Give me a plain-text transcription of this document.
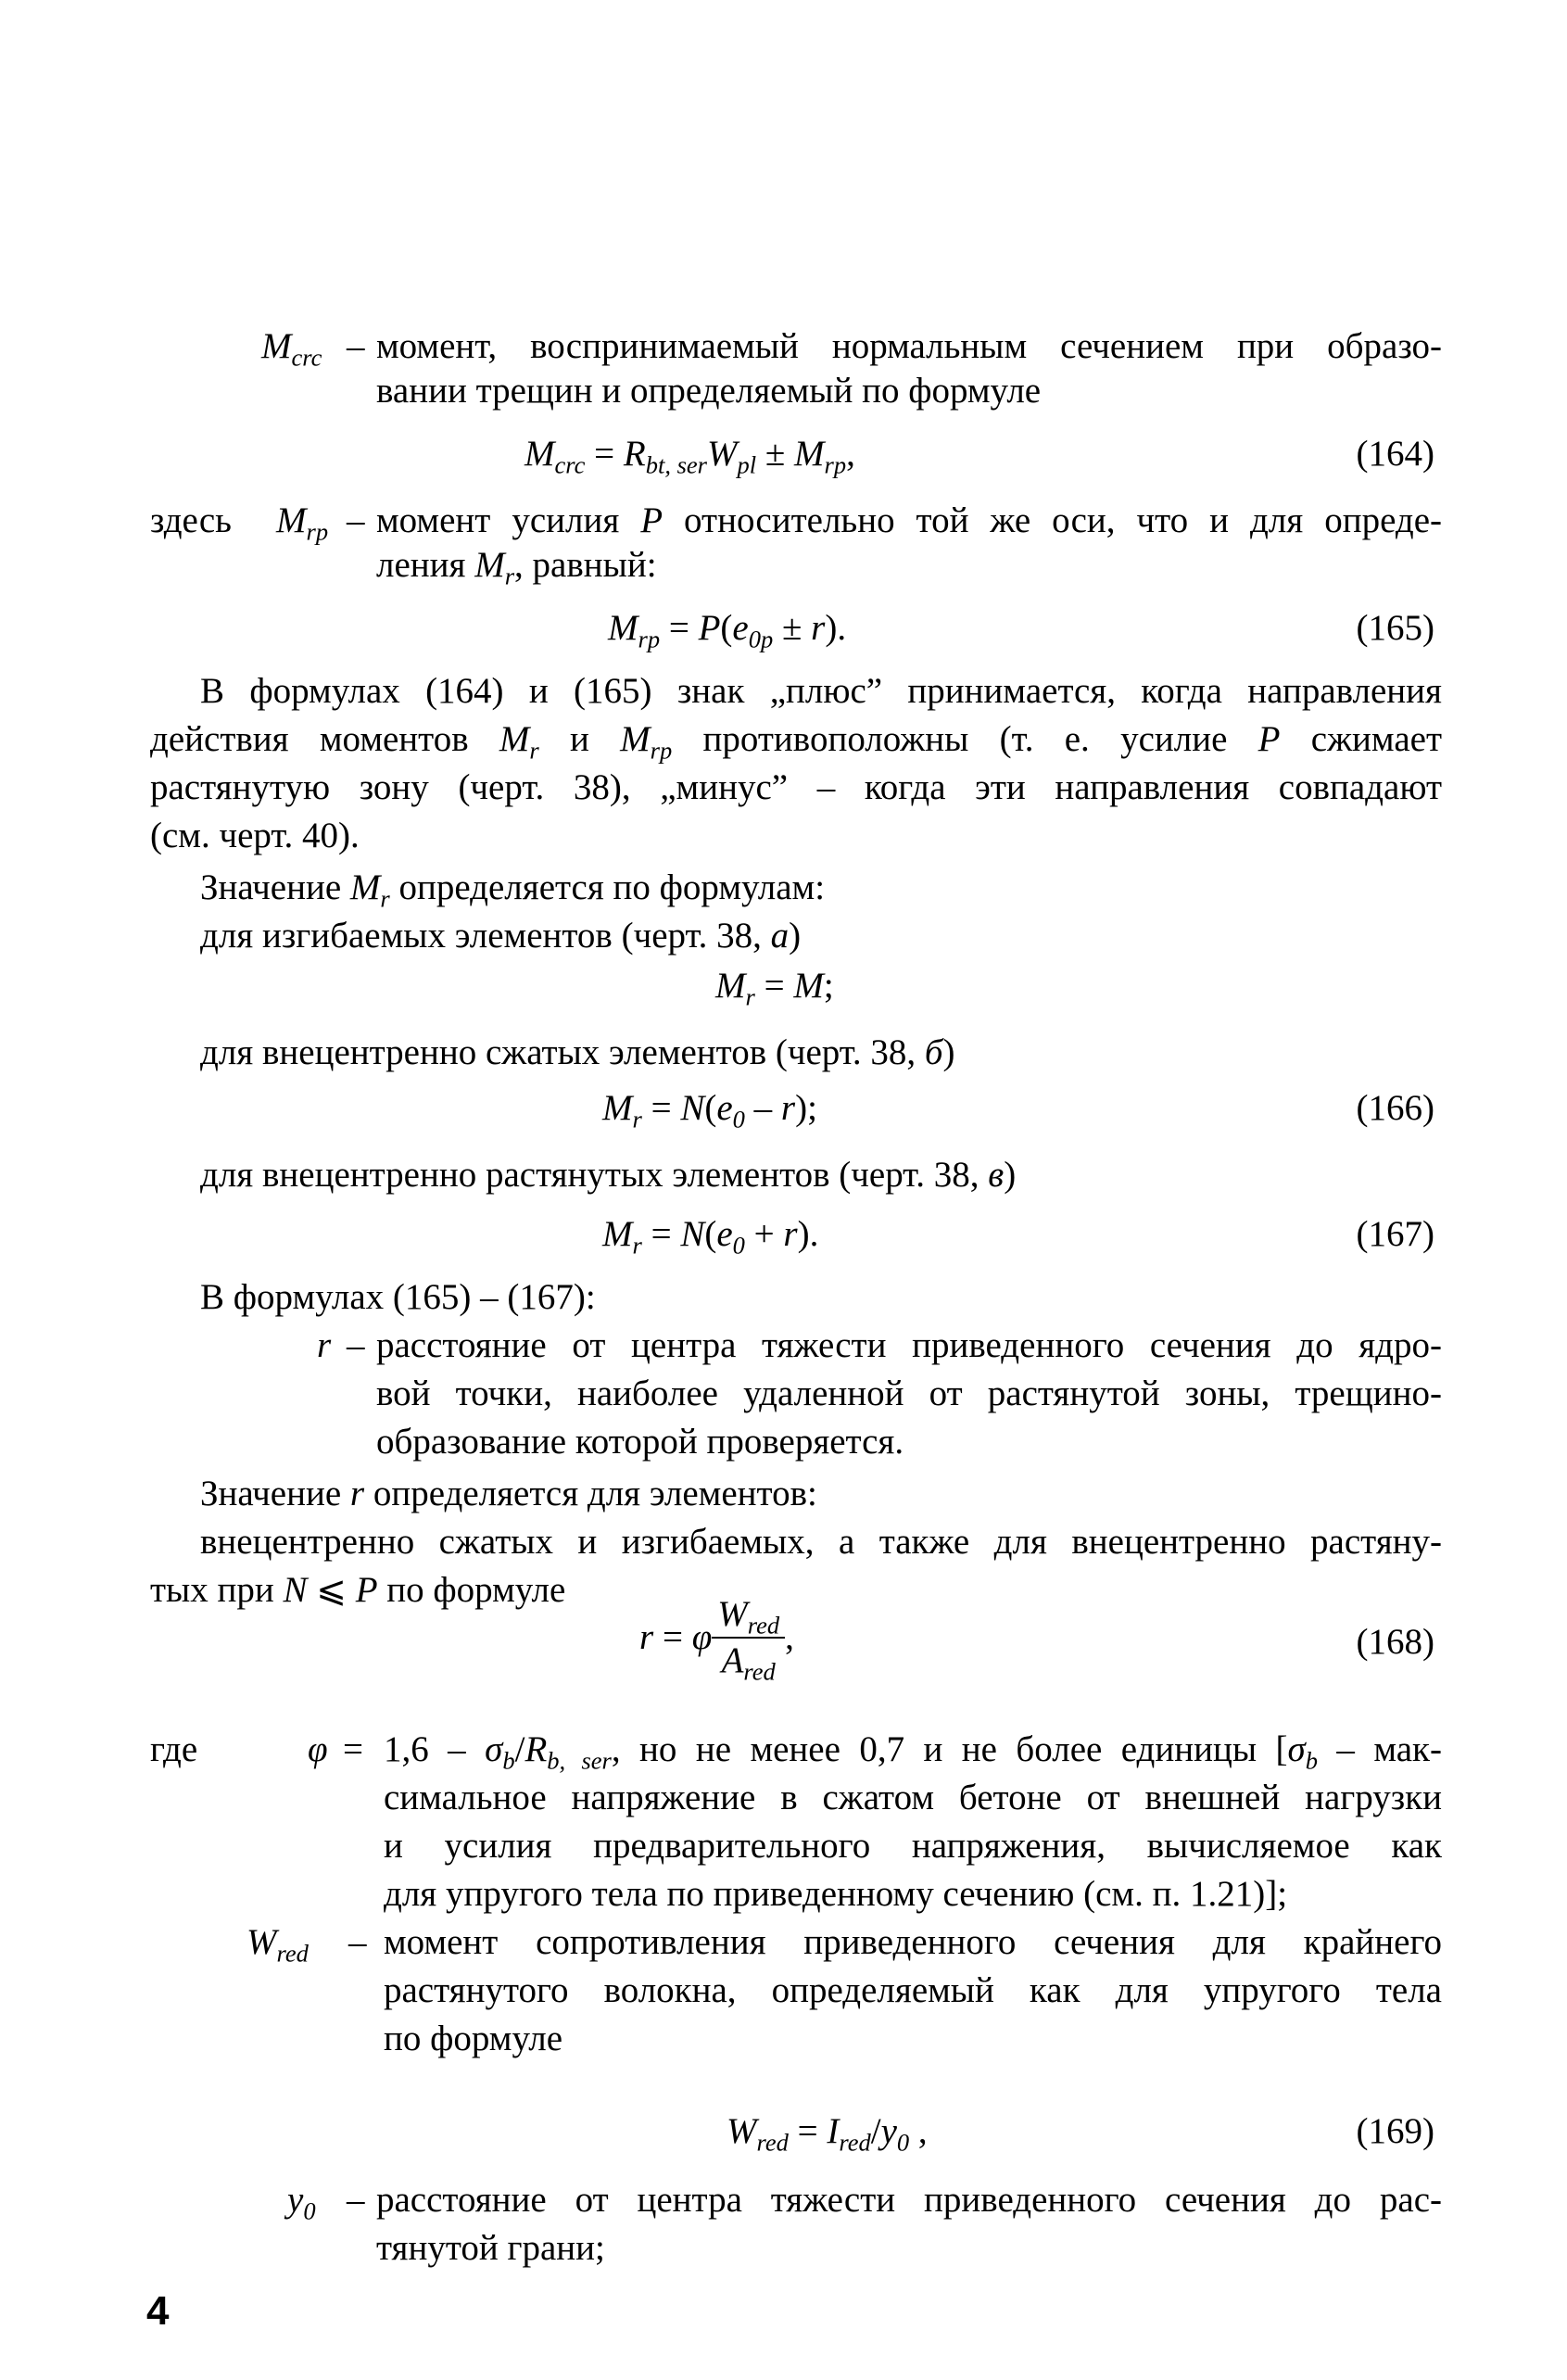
$M_{crc}$ – момент, воспринимаемый нормальным сечением при образо-
вании трещин и определяемый по формуле
$M_{crc} = R_{bt, ser}W_{pl} \pm M_{rp}$,	(164)
здесь $M_{rp}$ – момент усилия P относительно той же оси, что и для опреде-
ления $M_r$, равный:
$M_{rp} = P(e_{0p} \pm r)$.	(165)
В формулах (164) и (165) знак „плюс” принимается, когда направления
действия моментов $M_r$ и $M_{rp}$ противоположны (т. е. усилие P сжимает
растянутую зону (черт. 38), „минус” – когда эти направления совпадают
(см. черт. 40).
Значение $M_r$ определяется по формулам:
для изгибаемых элементов (черт. 38, а)
$M_r = M$;
для внецентренно сжатых элементов (черт. 38, б)
$M_r = N(e_0 - r)$;	(166)
для внецентренно растянутых элементов (черт. 38, в)
$M_r = N(e_0 + r)$.	(167)
В формулах (165) – (167):
r – расстояние от центра тяжести приведенного сечения до ядро-
вой точки, наиболее удаленной от растянутой зоны, трещино-
образование которой проверяется.
Значение r определяется для элементов:
внецентренно сжатых и изгибаемых, а также для внецентренно растяну-
тых при N ⩽ P по формуле
r = φ $\frac{W_{red}}{A_{red}}$ ,	(168)
где	$\varphi = 1,6 - \sigma_b/R_{b, ser}$, но не менее 0,7 и не более единицы [$\sigma_b - мак-$
симальное напряжение в сжатом бетоне от внешней нагрузки
и усилия предварительного напряжения, вычисляемое как
для упругого тела по приведенному сечению (см. п. 1.21)];
$W_{red}$ – момент сопротивления приведенного сечения для крайнего
растянутого волокна, определяемый как для упругого тела
по формуле
$W_{red} = I_{red}/y_0$ ,	(169)
$y_0$ – расстояние от центра тяжести приведенного сечения до рас-
тянутой грани;
4
